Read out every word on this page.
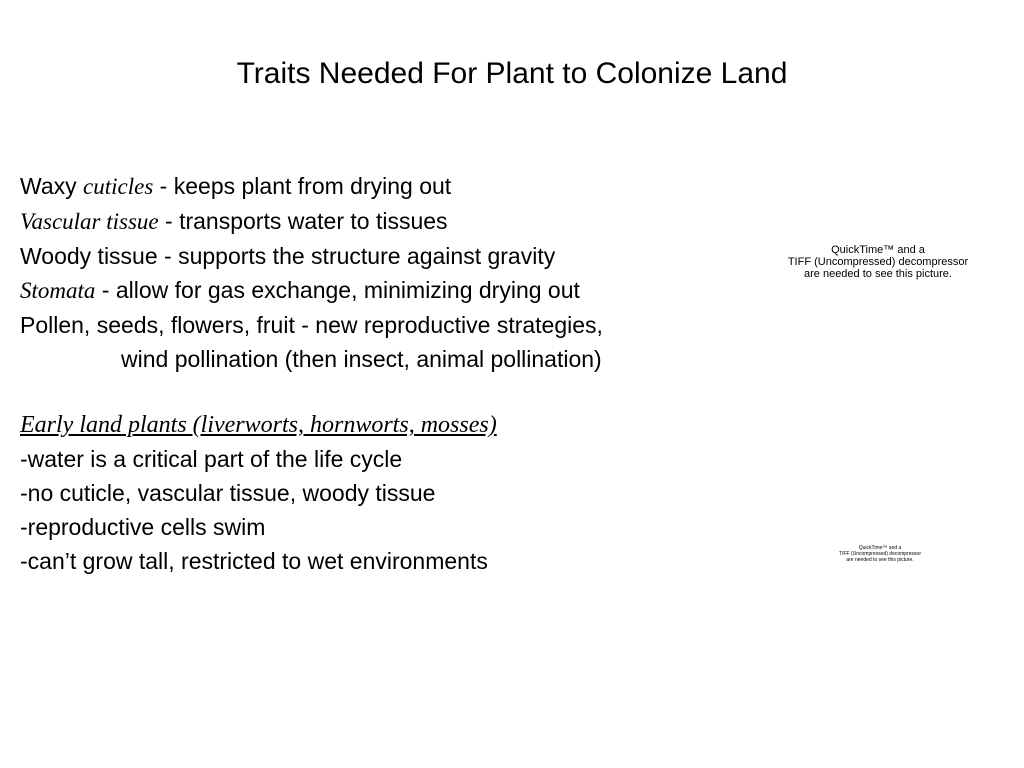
Traits Needed For Plant to Colonize Land
Waxy cuticles - keeps plant from drying out
Vascular tissue - transports water to tissues
Woody tissue - supports the structure against gravity
Stomata - allow for gas exchange, minimizing drying out
Pollen, seeds, flowers, fruit - new reproductive strategies,
wind pollination (then insect, animal pollination)
Early land plants (liverworts, hornworts, mosses)
-water is a critical part of the life cycle
-no cuticle, vascular tissue, woody tissue
-reproductive cells swim
-can’t grow tall, restricted to wet environments
QuickTime™ and a
TIFF (Uncompressed) decompressor
are needed to see this picture.
QuickTime™ and a
TIFF (Uncompressed) decompressor
are needed to see this picture.
